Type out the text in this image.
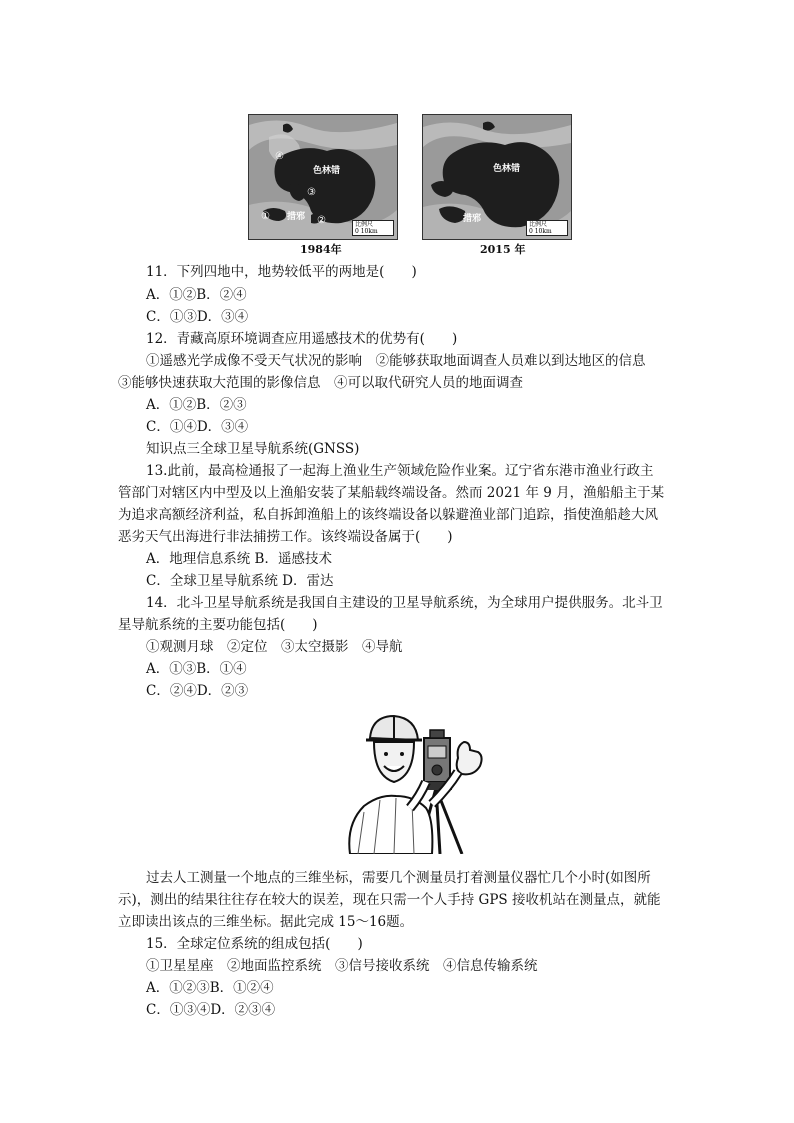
色林错
措邪
④
③
②
①
比例尺
0 10km
1984年
色林错
措邪
比例尺
0 10km
2015 年
11．下列四地中，地势较低平的两地是(　　)
A．①②B．②④
C．①③D．③④
12．青藏高原环境调查应用遥感技术的优势有(　　)
①遥感光学成像不受天气状况的影响　②能够获取地面调查人员难以到达地区的信息
③能够快速获取大范围的影像信息　④可以取代研究人员的地面调查
A．①②B．②③
C．①④D．③④
知识点三全球卫星导航系统(GNSS)
13.此前，最高检通报了一起海上渔业生产领域危险作业案。辽宁省东港市渔业行政主
管部门对辖区内中型及以上渔船安装了某船载终端设备。然而 2021 年 9 月，渔船船主于某
为追求高额经济利益，私自拆卸渔船上的该终端设备以躲避渔业部门追踪，指使渔船趁大风
恶劣天气出海进行非法捕捞工作。该终端设备属于(　　)
A．地理信息系统 B．遥感技术
C．全球卫星导航系统 D．雷达
14．北斗卫星导航系统是我国自主建设的卫星导航系统，为全球用户提供服务。北斗卫
星导航系统的主要功能包括(　　)
①观测月球　②定位　③太空摄影　④导航
A．①③B．①④
C．②④D．②③
过去人工测量一个地点的三维坐标，需要几个测量员打着测量仪器忙几个小时(如图所
示)，测出的结果往往存在较大的误差，现在只需一个人手持 GPS 接收机站在测量点，就能
立即读出该点的三维坐标。据此完成 15～16题。
15．全球定位系统的组成包括(　　)
①卫星星座　②地面监控系统　③信号接收系统　④信息传输系统
A．①②③B．①②④
C．①③④D．②③④
